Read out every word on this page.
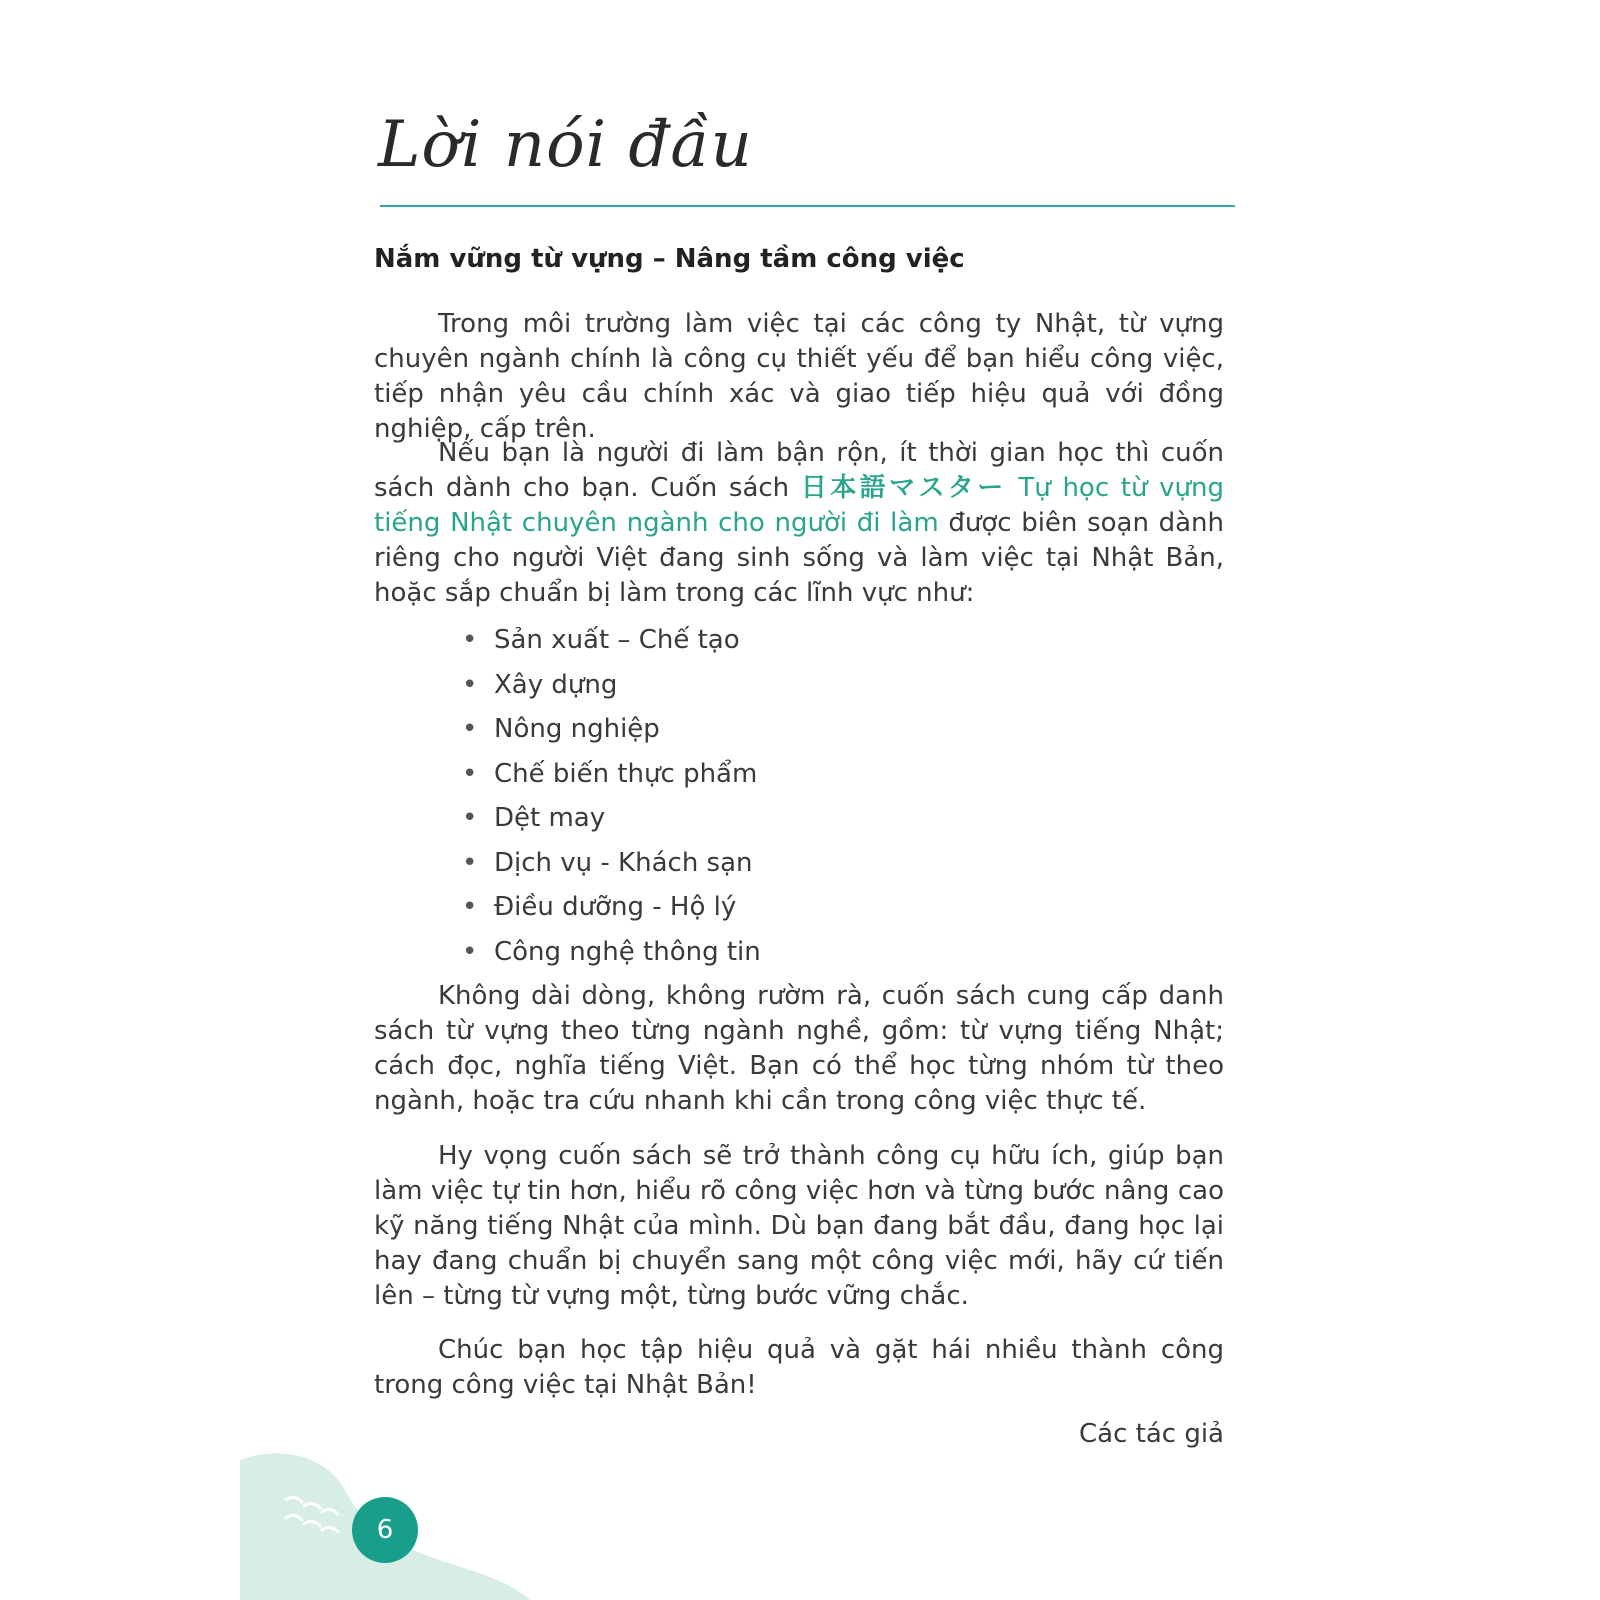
Lời nói đầu
Nắm vững từ vựng – Nâng tầm công việc

Trong môi trường làm việc tại các công ty Nhật, từ vựng chuyên ngành chính là công cụ thiết yếu để bạn hiểu công việc, tiếp nhận yêu cầu chính xác và giao tiếp hiệu quả với đồng nghiệp, cấp trên.

Nếu bạn là người đi làm bận rộn, ít thời gian học thì cuốn sách dành cho bạn. Cuốn sách 日本語マスター Tự học từ vựng tiếng Nhật chuyên ngành cho người đi làm được biên soạn dành riêng cho người Việt đang sinh sống và làm việc tại Nhật Bản, hoặc sắp chuẩn bị làm trong các lĩnh vực như:

• Sản xuất – Chế tạo
• Xây dựng
• Nông nghiệp
• Chế biến thực phẩm
• Dệt may
• Dịch vụ - Khách sạn
• Điều dưỡng - Hộ lý
• Công nghệ thông tin

Không dài dòng, không rườm rà, cuốn sách cung cấp danh sách từ vựng theo từng ngành nghề, gồm: từ vựng tiếng Nhật; cách đọc, nghĩa tiếng Việt. Bạn có thể học từng nhóm từ theo ngành, hoặc tra cứu nhanh khi cần trong công việc thực tế.

Hy vọng cuốn sách sẽ trở thành công cụ hữu ích, giúp bạn làm việc tự tin hơn, hiểu rõ công việc hơn và từng bước nâng cao kỹ năng tiếng Nhật của mình. Dù bạn đang bắt đầu, đang học lại hay đang chuẩn bị chuyển sang một công việc mới, hãy cứ tiến lên – từng từ vựng một, từng bước vững chắc.

Chúc bạn học tập hiệu quả và gặt hái nhiều thành công trong công việc tại Nhật Bản!

Các tác giả

6
